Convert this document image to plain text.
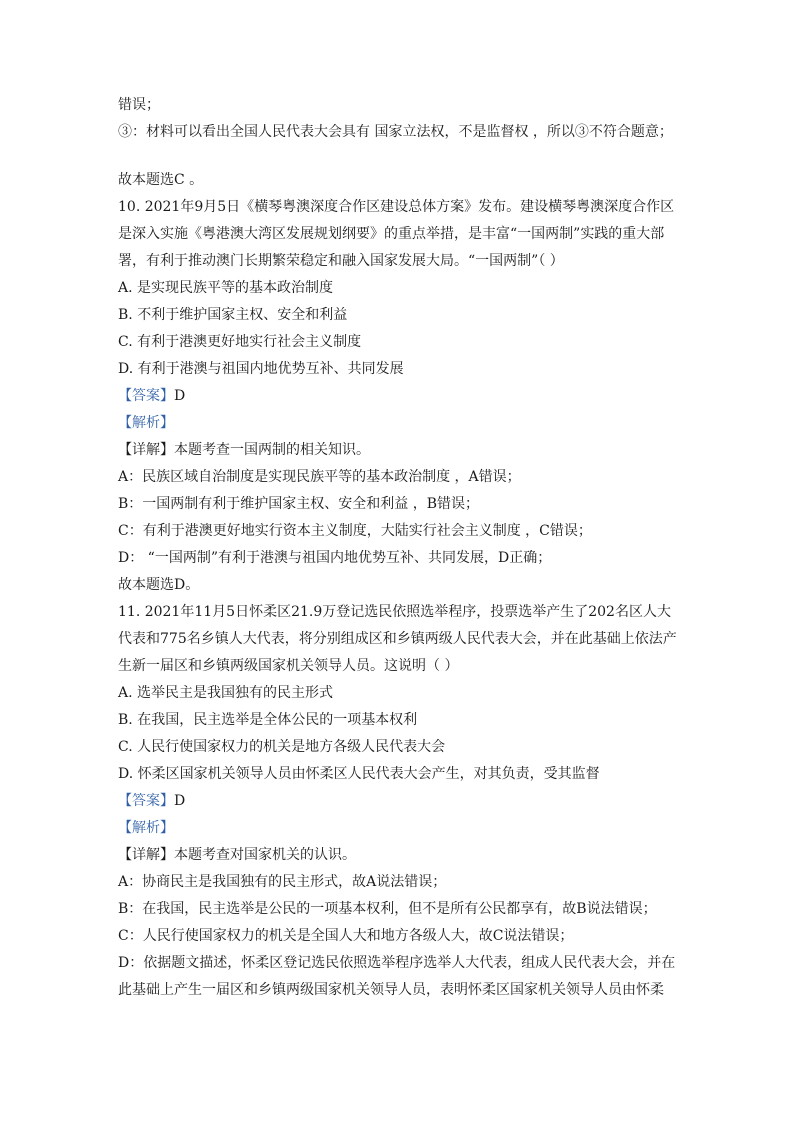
错误；
③：材料可以看出全国人民代表大会具有 国家立法权，不是监督权 ，所以③不符合题意；
故本题选C 。
10. 2021年9月5日《横琴粤澳深度合作区建设总体方案》发布。建设横琴粤澳深度合作区是深入实施《粤港澳大湾区发展规划纲要》的重点举措，是丰富“一国两制”实践的重大部署，有利于推动澳门长期繁荣稳定和融入国家发展大局。“一国两制”（ ）
A. 是实现民族平等的基本政治制度
B. 不利于维护国家主权、安全和利益
C. 有利于港澳更好地实行社会主义制度
D. 有利于港澳与祖国内地优势互补、共同发展
【答案】D
【解析】
【详解】本题考查一国两制的相关知识。
A：民族区域自治制度是实现民族平等的基本政治制度 ，A错误；
B：一国两制有利于维护国家主权、安全和利益 ，B错误；
C：有利于港澳更好地实行资本主义制度，大陆实行社会主义制度 ，C错误；
D： “一国两制”有利于港澳与祖国内地优势互补、共同发展，D正确；
故本题选D。
11. 2021年11月5日怀柔区21.9万登记选民依照选举程序，投票选举产生了202名区人大代表和775名乡镇人大代表，将分别组成区和乡镇两级人民代表大会，并在此基础上依法产生新一届区和乡镇两级国家机关领导人员。这说明（ ）
A. 选举民主是我国独有的民主形式
B. 在我国，民主选举是全体公民的一项基本权利
C. 人民行使国家权力的机关是地方各级人民代表大会
D. 怀柔区国家机关领导人员由怀柔区人民代表大会产生，对其负责，受其监督
【答案】D
【解析】
【详解】本题考查对国家机关的认识。
A：协商民主是我国独有的民主形式，故A说法错误；
B：在我国，民主选举是公民的一项基本权利，但不是所有公民都享有，故B说法错误；
C：人民行使国家权力的机关是全国人大和地方各级人大，故C说法错误；
D：依据题文描述，怀柔区登记选民依照选举程序选举人大代表，组成人民代表大会，并在此基础上产生一届区和乡镇两级国家机关领导人员，表明怀柔区国家机关领导人员由怀柔
